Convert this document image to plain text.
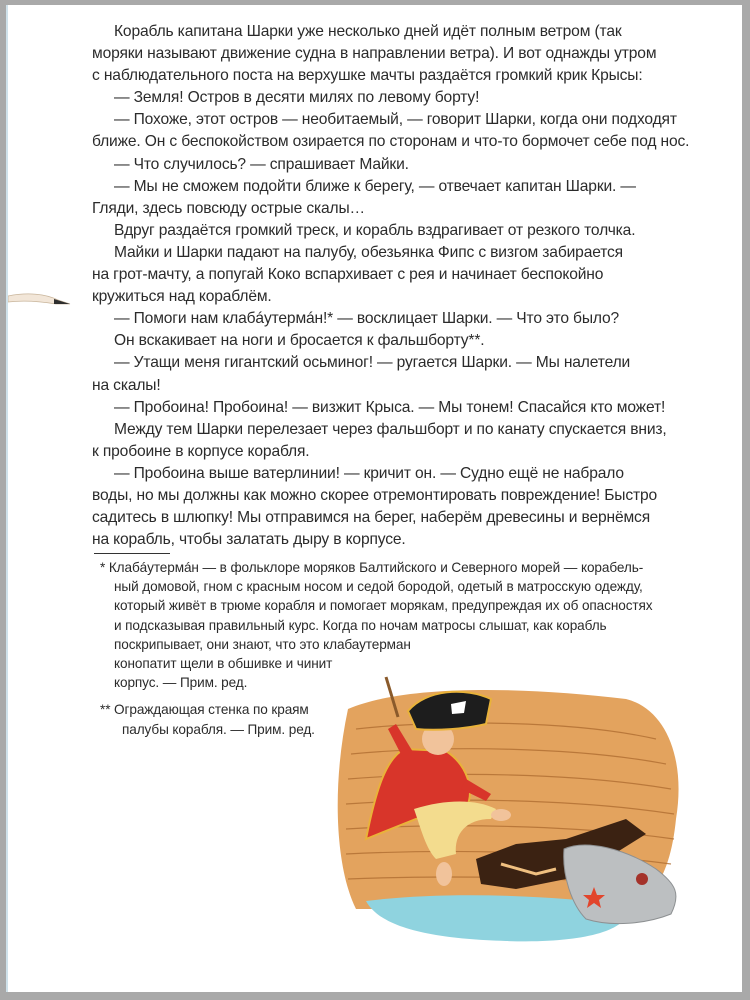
Корабль капитана Шарки уже несколько дней идёт полным ветром (так
моряки называют движение судна в направлении ветра). И вот однажды утром
с наблюдательного поста на верхушке мачты раздаётся громкий крик Крысы:
— Земля! Остров в десяти милях по левому борту!
— Похоже, этот остров — необитаемый, — говорит Шарки, когда они подходят
ближе. Он с беспокойством озирается по сторонам и что-то бормочет себе под нос.
— Что случилось? — спрашивает Майки.
— Мы не сможем подойти ближе к берегу, — отвечает капитан Шарки. —
Гляди, здесь повсюду острые скалы…
Вдруг раздаётся громкий треск, и корабль вздрагивает от резкого толчка.
Майки и Шарки падают на палубу, обезьянка Фипс с визгом забирается
на грот-мачту, а попугай Коко вспархивает с рея и начинает беспокойно
кружиться над кораблём.
— Помоги нам клабáутермáн!* — восклицает Шарки. — Что это было?
Он вскакивает на ноги и бросается к фальшборту**.
— Утащи меня гигантский осьминог! — ругается Шарки. — Мы налетели
на скалы!
— Пробоина! Пробоина! — визжит Крыса. — Мы тонем! Спасайся кто может!
Между тем Шарки перелезает через фальшборт и по канату спускается вниз,
к пробоине в корпусе корабля.
— Пробоина выше ватерлинии! — кричит он. — Судно ещё не набрало
воды, но мы должны как можно скорее отремонтировать повреждение! Быстро
садитесь в шлюпку! Мы отправимся на берег, наберём древесины и вернёмся
на корабль, чтобы залатать дыру в корпусе.
* Клабáутермáн — в фольклоре моряков Балтийского и Северного морей — корабель-
ный домовой, гном с красным носом и седой бородой, одетый в матросскую одежду,
который живёт в трюме корабля и помогает морякам, предупреждая их об опасностях
и подсказывая правильный курс. Когда по ночам матросы слышат, как корабль
поскрипывает, они знают, что это клабаутерман
конопатит щели в обшивке и чинит
корпус. — Прим. ред.
** Ограждающая стенка по краям
палубы корабля. — Прим. ред.
